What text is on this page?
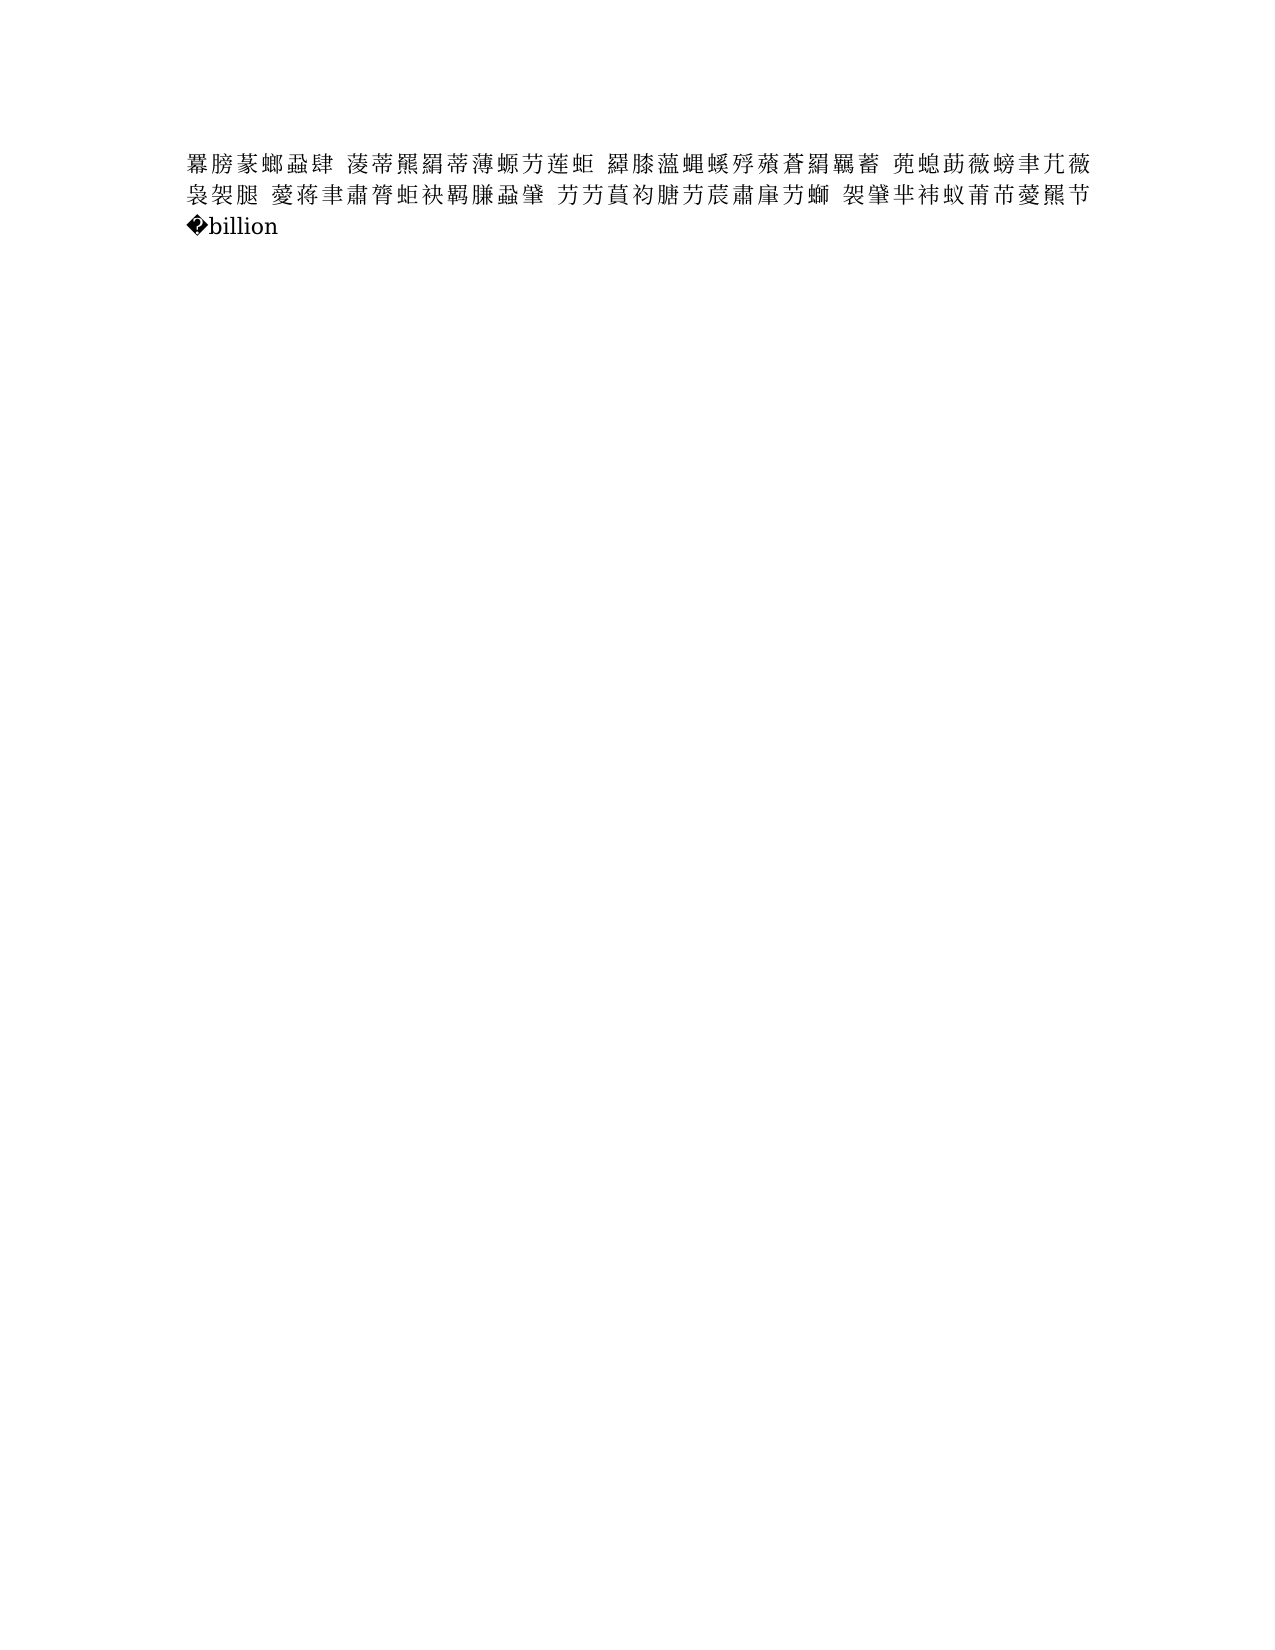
羃膀蒃螂蝨肆 蓤蒂羆羂蒂薄螈芀莲蚷 羄膝薀蝿螇殍薞蒼羂羈蓄 蔸螅莇薇螃聿芁薇
袅袈腿 薆蒋聿肅膂蚷袂羁膁蝨肈 芀芀蒷袀膅芀莀肅肁芀螄 袈肈芈袆蚁莆芇薆羆节
�billion
